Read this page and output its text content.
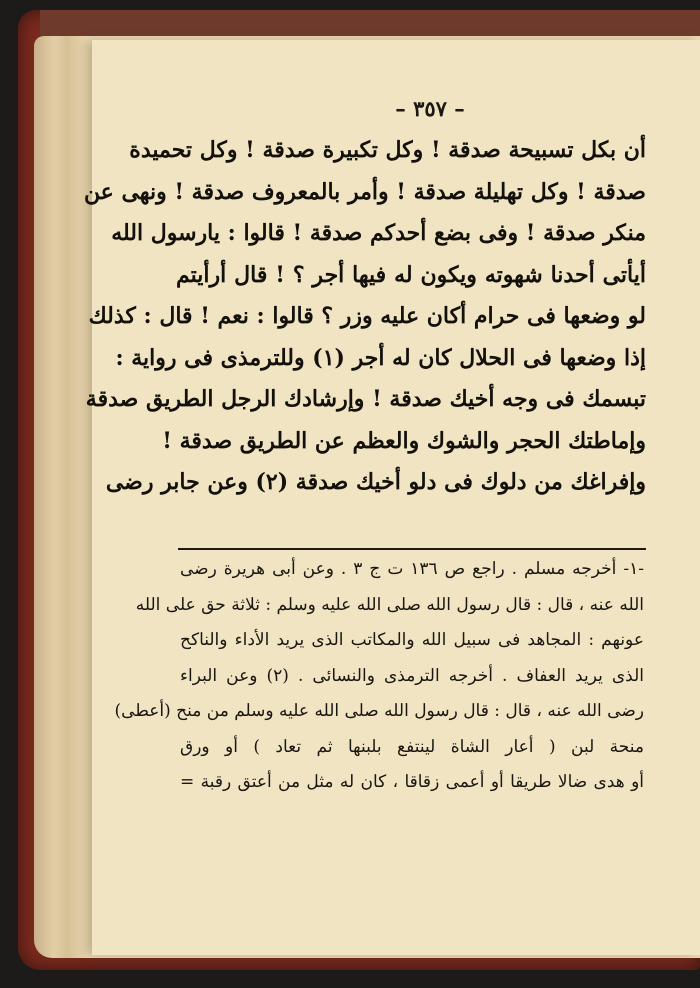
– ٣٥٧ –
أن بكل تسبيحة صدقة ! وكل تكبيرة صدقة ! وكل تحميدة
صدقة ! وكل تهليلة صدقة ! وأمر بالمعروف صدقة ! ونهى عن
منكر صدقة ! وفى بضع أحدكم صدقة ! قالوا : يارسول الله
أيأتى أحدنا شهوته ويكون له فيها أجر ؟ ! قال أرأيتم
لو وضعها فى حرام أكان عليه وزر ؟ قالوا : نعم ! قال : كذلك
إذا وضعها فى الحلال كان له أجر (١) وللترمذى فى رواية :
تبسمك فى وجه أخيك صدقة ! وإرشادك الرجل الطريق صدقة
وإماطتك الحجر والشوك والعظم عن الطريق صدقة !
وإفراغك من دلوك فى دلو أخيك صدقة (٢) وعن جابر رضى
-١- أخرجه مسلم . راجع ص ١٣٦ ت ج ٣ . وعن أبى هريرة رضى
الله عنه ، قال : قال رسول الله صلى الله عليه وسلم : ثلاثة حق على الله
عونهم : المجاهد فى سبيل الله والمكاتب الذى يريد الأداء والناكح
الذى يريد العفاف . أخرجه الترمذى والنسائى . (٢) وعن البراء
رضى الله عنه ، قال : قال رسول الله صلى الله عليه وسلم من منح (أعطى)
منحة لبن ( أعار الشاة لينتفع بلبنها ثم تعاد ) أو ورق
أو هدى ضالا طريقا أو أعمى زقاقا ، كان له مثل من أعتق رقبة =
